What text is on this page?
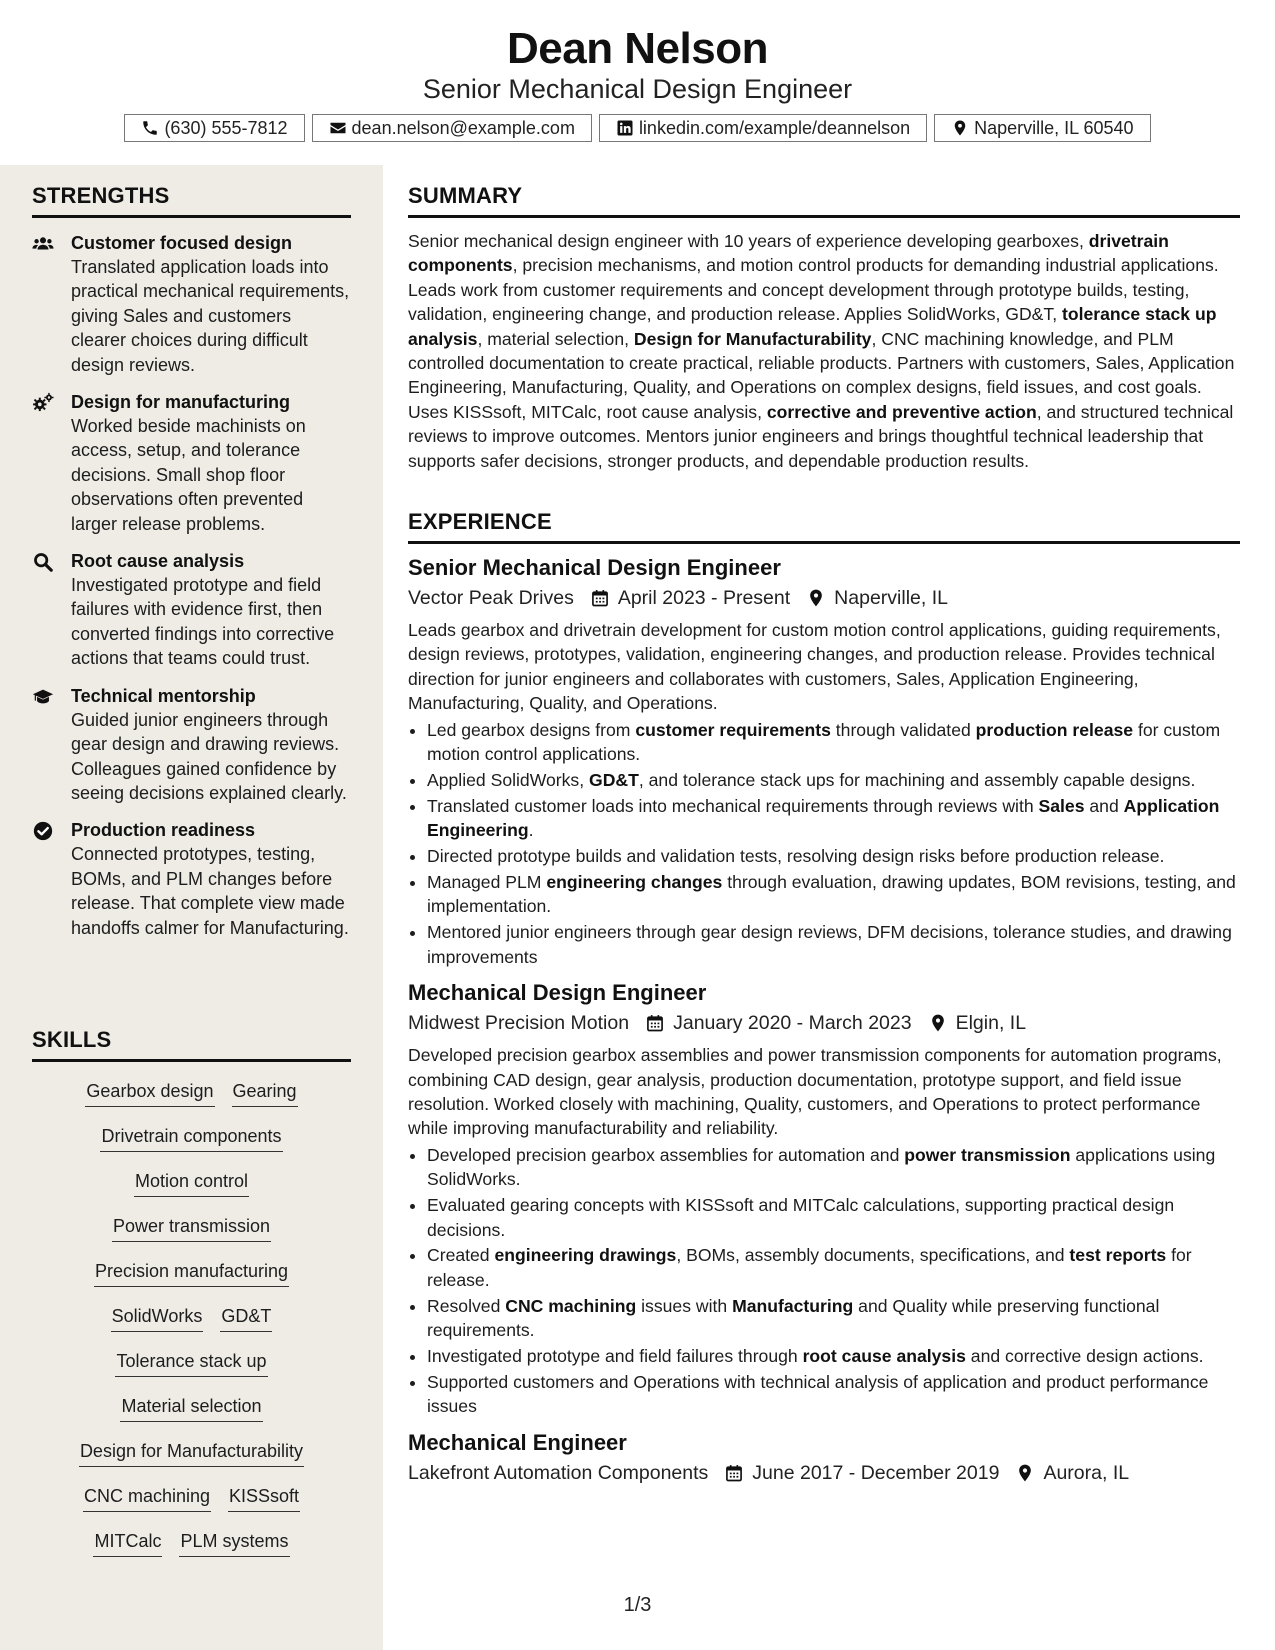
Dean Nelson
Senior Mechanical Design Engineer
(630) 555-7812	dean.nelson@example.com	linkedin.com/example/deannelson	Naperville, IL 60540
STRENGTHS
Customer focused design
Translated application loads into practical mechanical requirements, giving Sales and customers clearer choices during difficult design reviews.
Design for manufacturing
Worked beside machinists on access, setup, and tolerance decisions. Small shop floor observations often prevented larger release problems.
Root cause analysis
Investigated prototype and field failures with evidence first, then converted findings into corrective actions that teams could trust.
Technical mentorship
Guided junior engineers through gear design and drawing reviews. Colleagues gained confidence by seeing decisions explained clearly.
Production readiness
Connected prototypes, testing, BOMs, and PLM changes before release. That complete view made handoffs calmer for Manufacturing.
SKILLS
Gearbox design Gearing
Drivetrain components
Motion control
Power transmission
Precision manufacturing
SolidWorks GD&T
Tolerance stack up
Material selection
Design for Manufacturability
CNC machining KISSsoft
MITCalc PLM systems
SUMMARY

Senior mechanical design engineer with 10 years of experience developing gearboxes, drivetrain components, precision mechanisms, and motion control products for demanding industrial applications. Leads work from customer requirements and concept development through prototype builds, testing, validation, engineering change, and production release. Applies SolidWorks, GD&T, tolerance stack up analysis, material selection, Design for Manufacturability, CNC machining knowledge, and PLM controlled documentation to create practical, reliable products. Partners with customers, Sales, Application Engineering, Manufacturing, Quality, and Operations on complex designs, field issues, and cost goals. Uses KISSsoft, MITCalc, root cause analysis, corrective and preventive action, and structured technical reviews to improve outcomes. Mentors junior engineers and brings thoughtful technical leadership that supports safer decisions, stronger products, and dependable production results.

EXPERIENCE
Senior Mechanical Design Engineer
Vector Peak Drives April 2023 - Present Naperville, IL
Leads gearbox and drivetrain development for custom motion control applications, guiding requirements, design reviews, prototypes, validation, engineering changes, and production release. Provides technical direction for junior engineers and collaborates with customers, Sales, Application Engineering, Manufacturing, Quality, and Operations.
• Led gearbox designs from customer requirements through validated production release for custom motion control applications.
• Applied SolidWorks, GD&T, and tolerance stack ups for machining and assembly capable designs.
• Translated customer loads into mechanical requirements through reviews with Sales and Application Engineering.
• Directed prototype builds and validation tests, resolving design risks before production release.
• Managed PLM engineering changes through evaluation, drawing updates, BOM revisions, testing, and implementation.
• Mentored junior engineers through gear design reviews, DFM decisions, tolerance studies, and drawing improvements
Mechanical Design Engineer
Midwest Precision Motion January 2020 - March 2023 Elgin, IL
Developed precision gearbox assemblies and power transmission components for automation programs, combining CAD design, gear analysis, production documentation, prototype support, and field issue resolution. Worked closely with machining, Quality, customers, and Operations to protect performance while improving manufacturability and reliability.
• Developed precision gearbox assemblies for automation and power transmission applications using SolidWorks.
• Evaluated gearing concepts with KISSsoft and MITCalc calculations, supporting practical design decisions.
• Created engineering drawings, BOMs, assembly documents, specifications, and test reports for release.
• Resolved CNC machining issues with Manufacturing and Quality while preserving functional requirements.
• Investigated prototype and field failures through root cause analysis and corrective design actions.
• Supported customers and Operations with technical analysis of application and product performance issues
Mechanical Engineer
Lakefront Automation Components June 2017 - December 2019 Aurora, IL
1/3
